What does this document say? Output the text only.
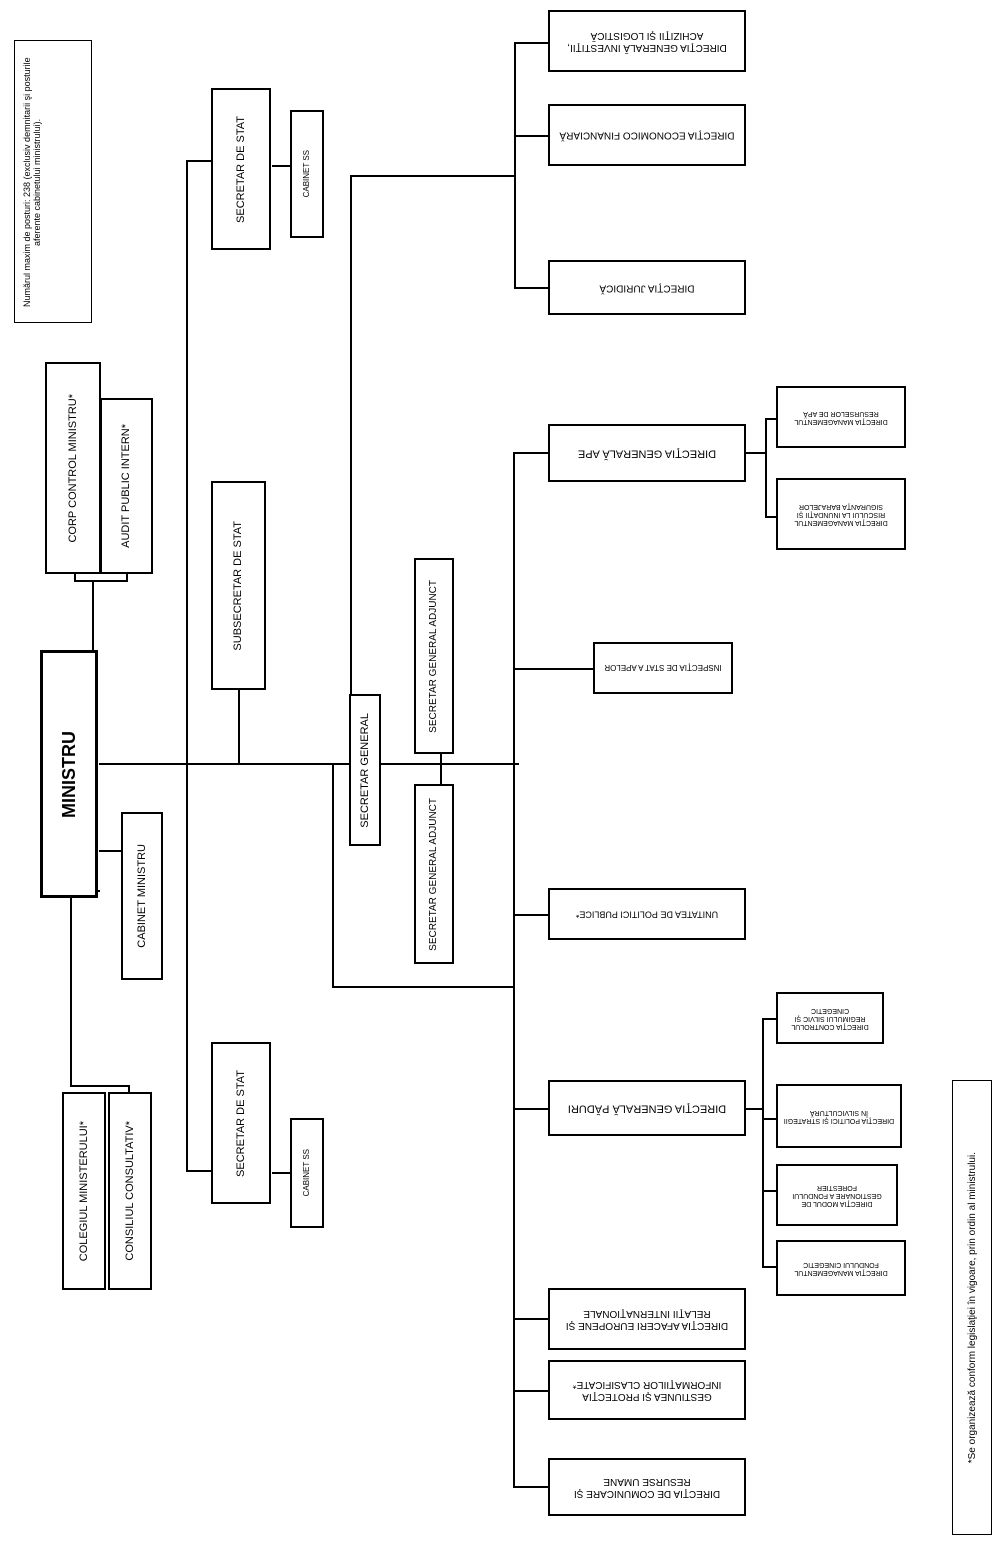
Numărul maxim de posturi: 238 (exclusiv demnitarii şi posturile aferente cabinetului ministrului).
*Se organizează conform legislaţiei în vigoare, prin ordin al ministrului.
MINISTRU
CORP CONTROL MINISTRU*	AUDIT PUBLIC INTERN*
CABINET MINISTRU
COLEGIUL MINISTERULUI*	CONSILIUL CONSULTATIV*
SECRETAR DE STAT	CABINET SS
SUBSECRETAR DE STAT
SECRETAR DE STAT	CABINET SS
SECRETAR GENERAL
SECRETAR GENERAL ADJUNCT
SECRETAR GENERAL ADJUNCT
DIRECŢIA GENERALĂ INVESTIŢII, ACHIZIŢII ŞI LOGISTICĂ
DIRECŢIA ECONOMICO FINANCIARĂ
DIRECŢIA JURIDICĂ
DIRECŢIA GENERALĂ APE
DIRECŢIA MANAGEMENTUL RESURSELOR DE APĂ
DIRECŢIA MANAGEMENTUL RISCULUI LA INUNDAŢII ŞI SIGURANŢA BARAJELOR
INSPECŢIA DE STAT A APELOR
UNITATEA DE POLITICI PUBLICE*
DIRECŢIA GENERALĂ PĂDURI
DIRECŢIA CONTROLUL REGIMULUI SILVIC ŞI CINEGETIC
DIRECŢIA POLITICI ŞI STRATEGII ÎN SILVICULTURĂ
DIRECŢIA MODUL DE GESTIONARE A FONDULUI FORESTIER
DIRECŢIA MANAGEMENTUL FONDULUI CINEGETIC
DIRECŢIA AFACERI EUROPENE ŞI RELAŢII INTERNAŢIONALE
GESTIUNEA ŞI PROTECŢIA INFORMAŢIILOR CLASIFICATE*
DIRECŢIA DE COMUNICARE ŞI RESURSE UMANE
